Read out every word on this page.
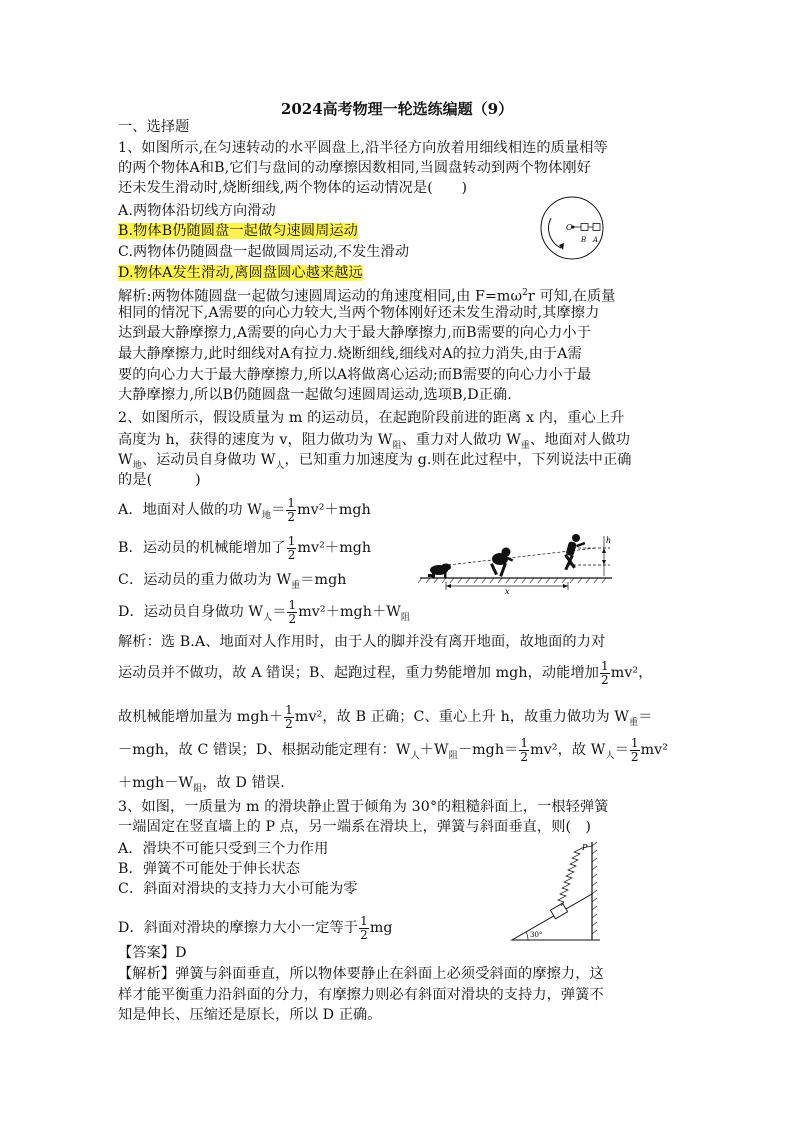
2024高考物理一轮选练编题（9）
一、选择题
1、如图所示,在匀速转动的水平圆盘上,沿半径方向放着用细线相连的质量相等
的两个物体A和B,它们与盘间的动摩擦因数相同,当圆盘转动到两个物体刚好
还未发生滑动时,烧断细线,两个物体的运动情况是(　　)
A.两物体沿切线方向滑动
B.物体B仍随圆盘一起做匀速圆周运动
C.两物体仍随圆盘一起做圆周运动,不发生滑动
D.物体A发生滑动,离圆盘圆心越来越远
O
B A
解析:两物体随圆盘一起做匀速圆周运动的角速度相同,由 $F=m\omega^2r$ 可知,在质量
相同的情况下,A需要的向心力较大,当两个物体刚好还未发生滑动时,其摩擦力
达到最大静摩擦力,A需要的向心力大于最大静摩擦力,而B需要的向心力小于
最大静摩擦力,此时细线对A有拉力.烧断细线,细线对A的拉力消失,由于A需
要的向心力大于最大静摩擦力,所以A将做离心运动;而B需要的向心力小于最
大静摩擦力,所以B仍随圆盘一起做匀速圆周运动,选项B,D正确.
2、如图所示，假设质量为 m 的运动员，在起跑阶段前进的距离 x 内，重心上升
高度为 h，获得的速度为 v，阻力做功为 $W_阻$、重力对人做功 $W_重$、地面对人做功
$W_地$、运动员自身做功 $W_人$，已知重力加速度为 g.则在此过程中，下列说法中正确
的是(　　　)
A．地面对人做的功 $W_地= \frac{1}{2} mv^2+mgh$
B．运动员的机械能增加了 $\frac{1}{2} mv^2+mgh$
C．运动员的重力做功为 $W_重=mgh$
D．运动员自身做功 $W_人= \frac{1}{2} mv^2+mgh+W_阻$
h
x
解析：选 B.A、地面对人作用时，由于人的脚并没有离开地面，故地面的力对
运动员并不做功，故 A 错误；B、起跑过程，重力势能增加 mgh，动能增加 $\frac{1}{2} mv^2$，
故机械能增加量为 $mgh+ \frac{1}{2} mv^2$，故 B 正确；C、重心上升 h，故重力做功为 $W_重=$
－mgh，故 C 错误；D、根据动能定理有：$W_人+W_阻-mgh= \frac{1}{2} mv^2$，故 $W_人= \frac{1}{2} mv^2$
$+mgh-W_阻$，故 D 错误.
3、如图，一质量为 m 的滑块静止置于倾角为 30°的粗糙斜面上，一根轻弹簧
一端固定在竖直墙上的 P 点，另一端系在滑块上，弹簧与斜面垂直，则(　)
A．滑块不可能只受到三个力作用
B．弹簧不可能处于伸长状态
C．斜面对滑块的支持力大小可能为零
D．斜面对滑块的摩擦力大小一定等于 $\frac{1}{2}$ mg
P
30°
【答案】D
【解析】弹簧与斜面垂直，所以物体要静止在斜面上必须受斜面的摩擦力，这
样才能平衡重力沿斜面的分力，有摩擦力则必有斜面对滑块的支持力，弹簧不
知是伸长、压缩还是原长，所以 D 正确。
